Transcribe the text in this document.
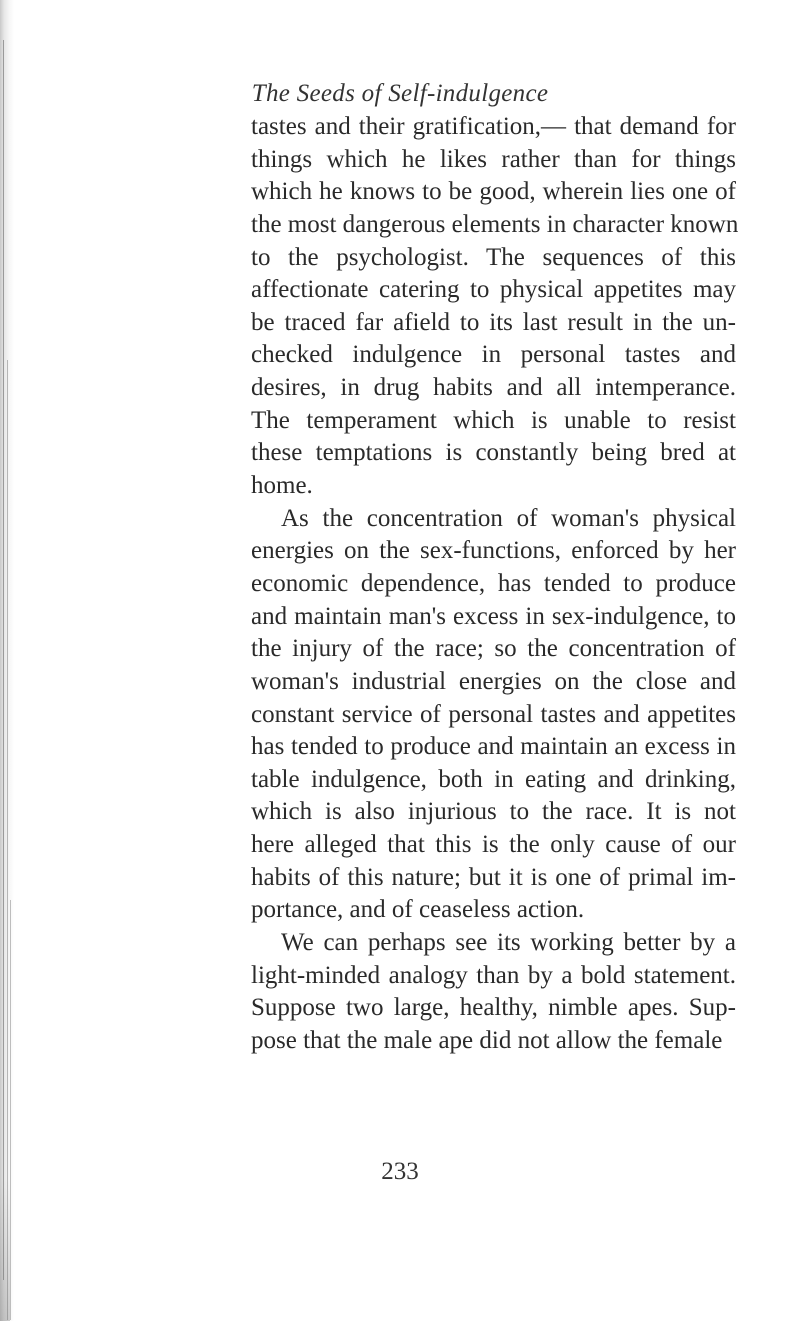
The Seeds of Self-indulgence
tastes and their gratification,— that demand for
things which he likes rather than for things
which he knows to be good, wherein lies one of
the most dangerous elements in character known
to the psychologist. The sequences of this
affectionate catering to physical appetites may
be traced far afield to its last result in the un-
checked indulgence in personal tastes and
desires, in drug habits and all intemperance.
The temperament which is unable to resist
these temptations is constantly being bred at
home.
As the concentration of woman's physical
energies on the sex-functions, enforced by her
economic dependence, has tended to produce
and maintain man's excess in sex-indulgence, to
the injury of the race; so the concentration of
woman's industrial energies on the close and
constant service of personal tastes and appetites
has tended to produce and maintain an excess in
table indulgence, both in eating and drinking,
which is also injurious to the race. It is not
here alleged that this is the only cause of our
habits of this nature; but it is one of primal im-
portance, and of ceaseless action.
We can perhaps see its working better by a
light-minded analogy than by a bold statement.
Suppose two large, healthy, nimble apes. Sup-
pose that the male ape did not allow the female
233
